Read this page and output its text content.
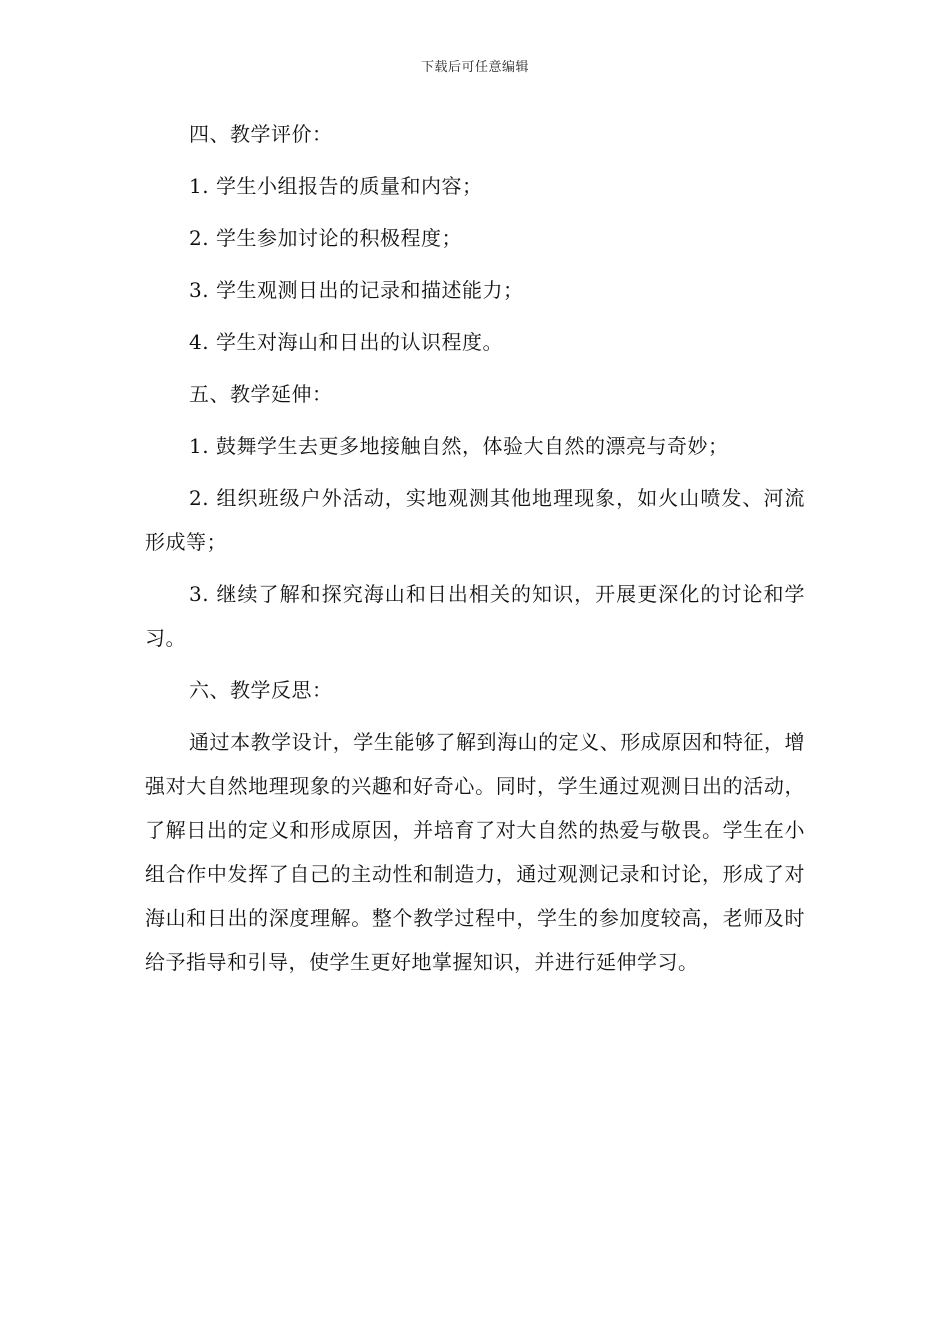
下载后可任意编辑

四、教学评价：

1. 学生小组报告的质量和内容；

2. 学生参加讨论的积极程度；

3. 学生观测日出的记录和描述能力；

4. 学生对海山和日出的认识程度。

五、教学延伸：

1. 鼓舞学生去更多地接触自然，体验大自然的漂亮与奇妙；

2. 组织班级户外活动，实地观测其他地理现象，如火山喷发、河流形成等；

3. 继续了解和探究海山和日出相关的知识，开展更深化的讨论和学习。

六、教学反思：

通过本教学设计，学生能够了解到海山的定义、形成原因和特征，增强对大自然地理现象的兴趣和好奇心。同时，学生通过观测日出的活动，了解日出的定义和形成原因，并培育了对大自然的热爱与敬畏。学生在小组合作中发挥了自己的主动性和制造力，通过观测记录和讨论，形成了对海山和日出的深度理解。整个教学过程中，学生的参加度较高，老师及时给予指导和引导，使学生更好地掌握知识，并进行延伸学习。
